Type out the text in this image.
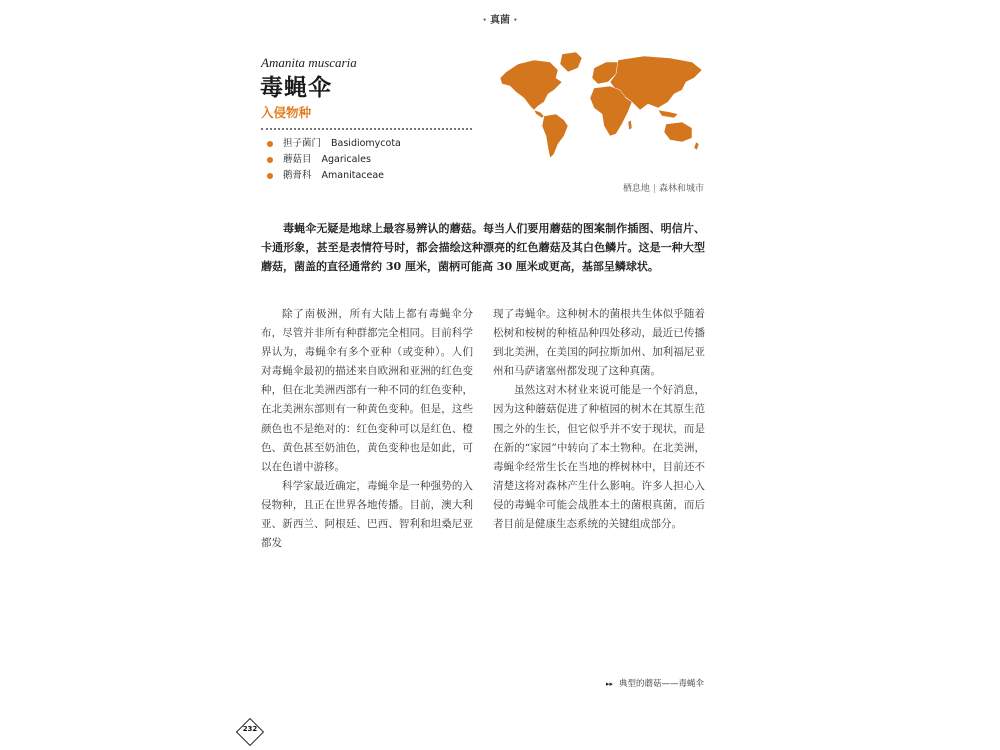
· 真菌 ·
Amanita muscaria
毒蝇伞
入侵物种
担子菌门 Basidiomycota
蘑菇目 Agaricales
鹅膏科 Amanitaceae
栖息地 | 森林和城市

毒蝇伞无疑是地球上最容易辨认的蘑菇。每当人们要用蘑菇的图案制作插图、明信片、卡通形象，甚至是表情符号时，都会描绘这种漂亮的红色蘑菇及其白色鳞片。这是一种大型蘑菇，菌盖的直径通常约 30 厘米，菌柄可能高 30 厘米或更高，基部呈鳞球状。

除了南极洲，所有大陆上都有毒蝇伞分布，尽管并非所有种群都完全相同。目前科学界认为，毒蝇伞有多个亚种（或变种）。人们对毒蝇伞最初的描述来自欧洲和亚洲的红色变种，但在北美洲西部有一种不同的红色变种，在北美洲东部则有一种黄色变种。但是，这些颜色也不是绝对的：红色变种可以是红色、橙色、黄色甚至奶油色，黄色变种也是如此，可以在色谱中游移。

科学家最近确定，毒蝇伞是一种强势的入侵物种，且正在世界各地传播。目前，澳大利亚、新西兰、阿根廷、巴西、智利和坦桑尼亚都发

现了毒蝇伞。这种树木的菌根共生体似乎随着松树和桉树的种植品种四处移动，最近已传播到北美洲，在美国的阿拉斯加州、加利福尼亚州和马萨诸塞州都发现了这种真菌。

虽然这对木材业来说可能是一个好消息，因为这种蘑菇促进了种植园的树木在其原生范围之外的生长，但它似乎并不安于现状，而是在新的“家园”中转向了本土物种。在北美洲，毒蝇伞经常生长在当地的桦树林中，目前还不清楚这将对森林产生什么影响。许多人担心入侵的毒蝇伞可能会战胜本土的菌根真菌，而后者目前是健康生态系统的关键组成部分。

▸▸ 典型的蘑菇——毒蝇伞
232
